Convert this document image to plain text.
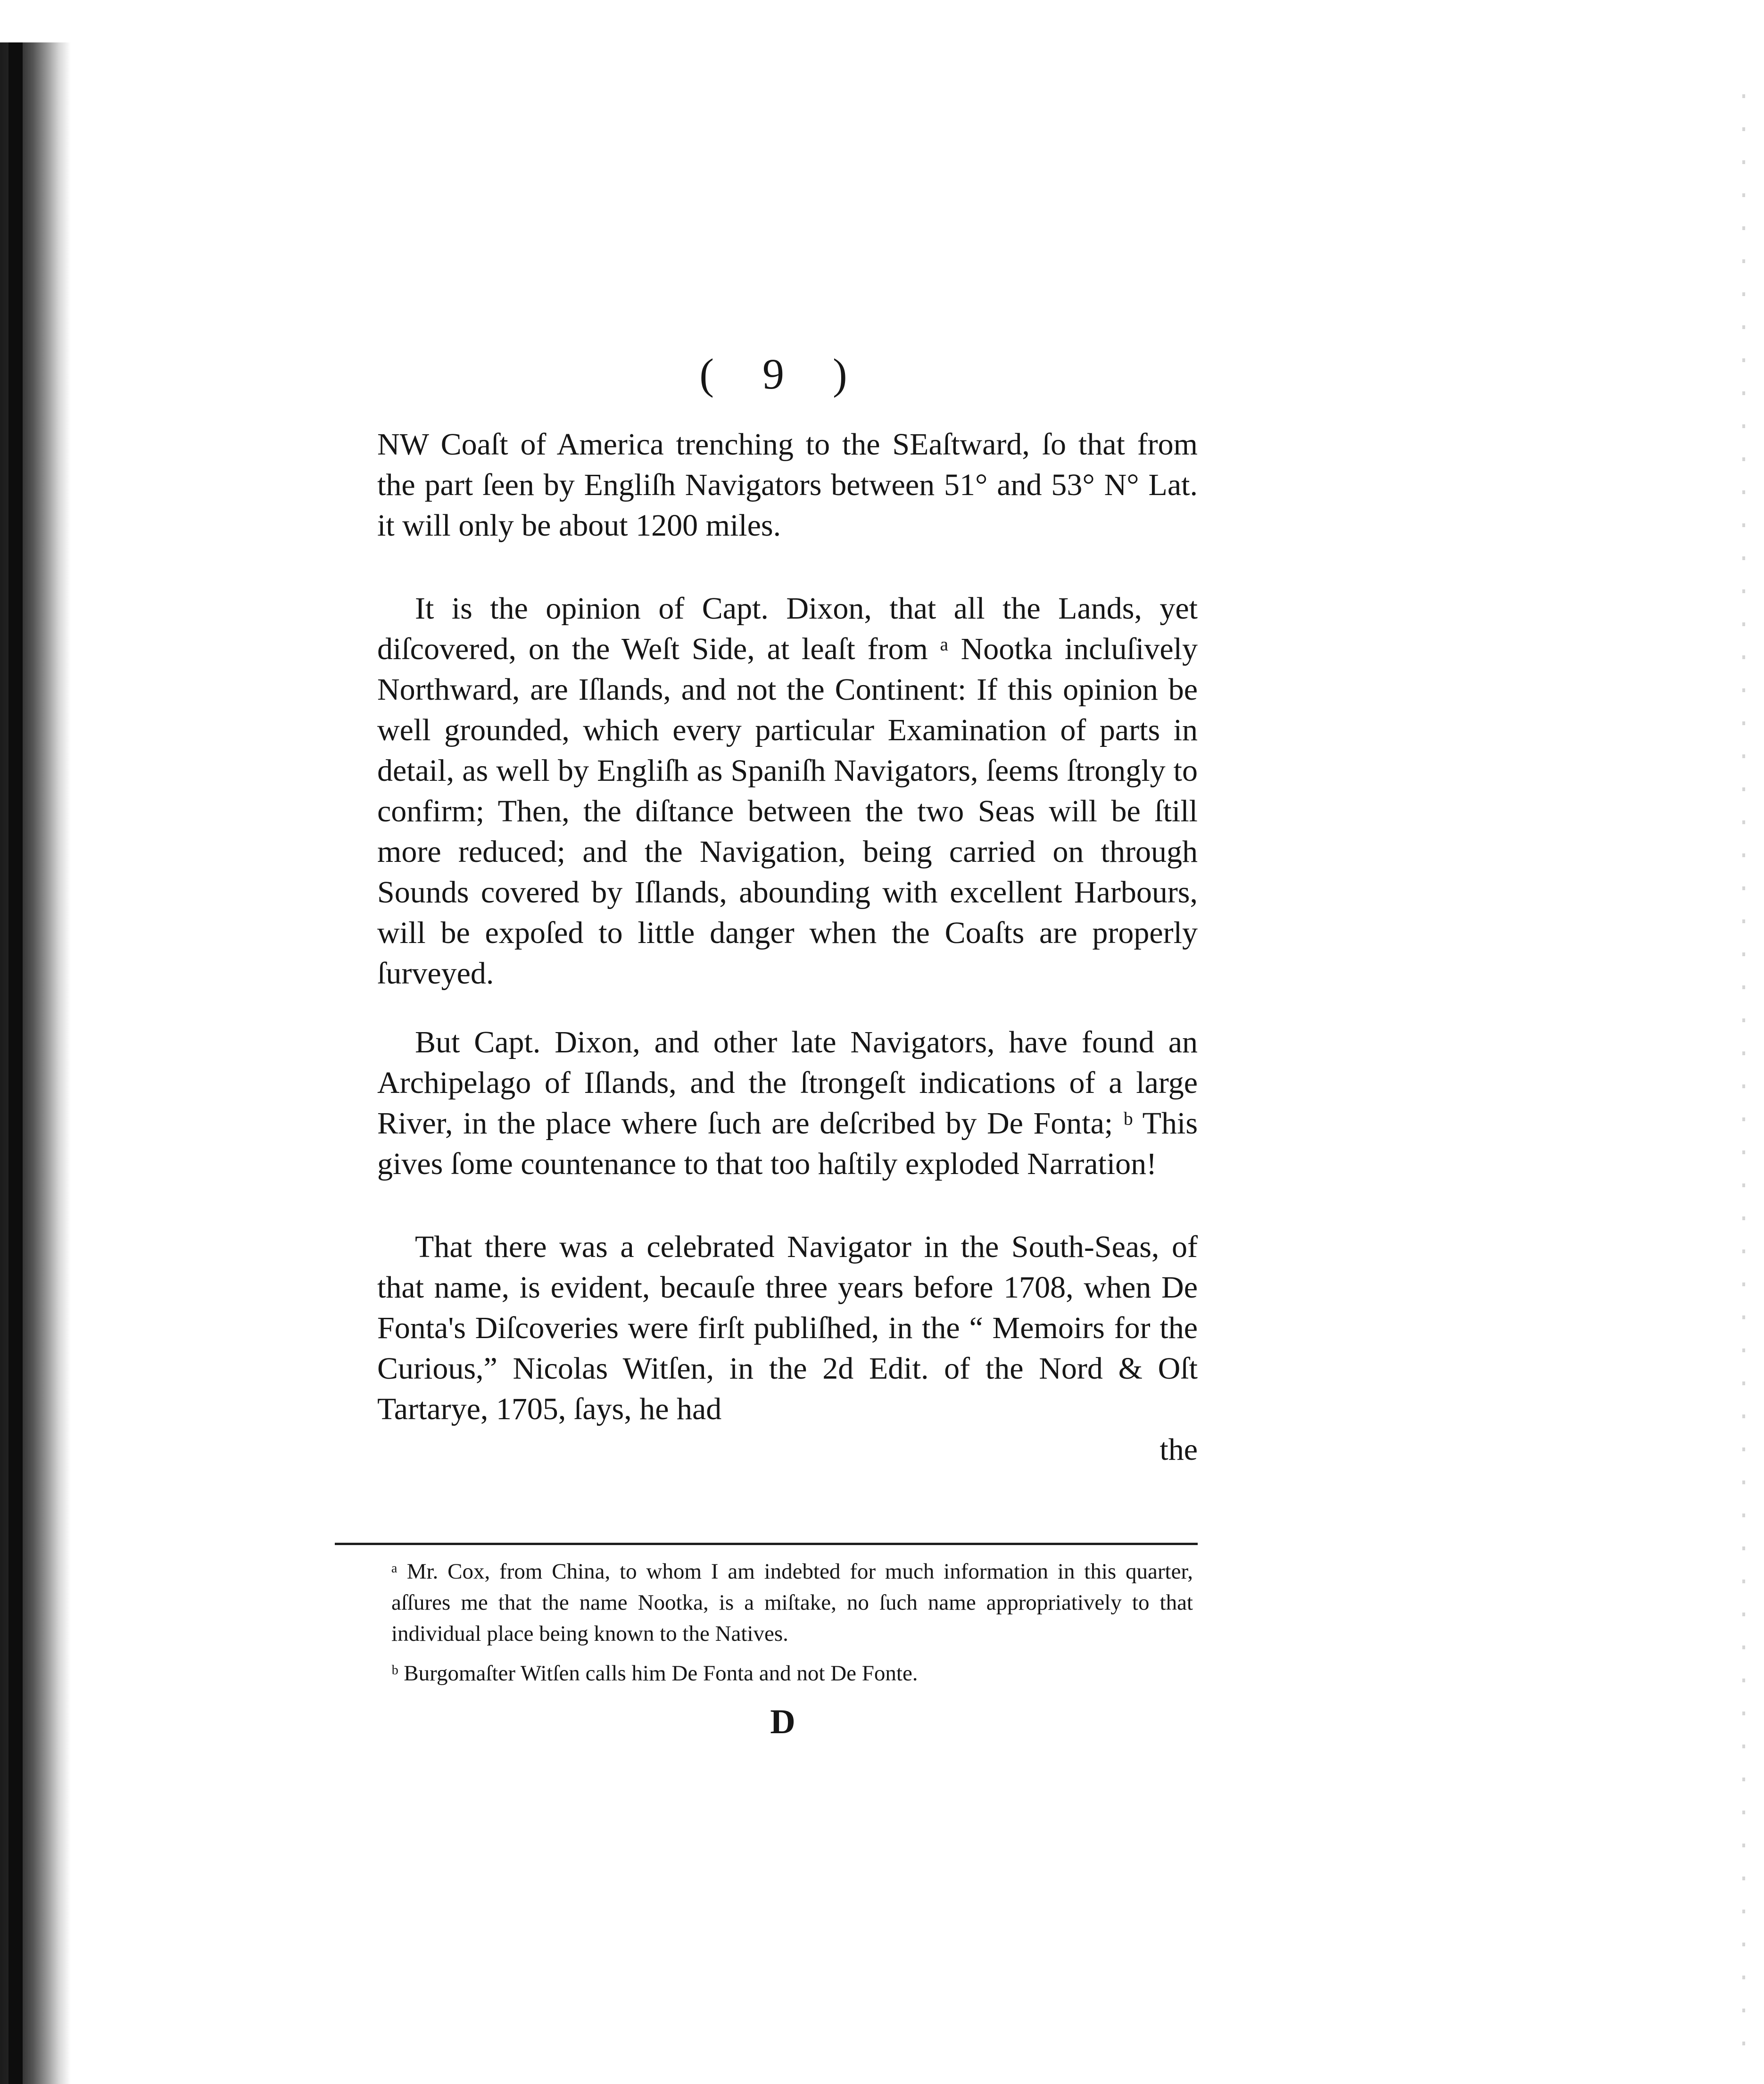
( 9 )

NW Coaſt of America trenching to the SEaſtward, ſo that from the part ſeen by Engliſh Navigators between 51° and 53° N° Lat. it will only be about 1200 miles.

It is the opinion of Capt. Dixon, that all the Lands, yet diſcovered, on the Weſt Side, at leaſt from ᵃ Nootka incluſively Northward, are Iſlands, and not the Continent: If this opinion be well grounded, which every particular Examination of parts in detail, as well by Engliſh as Spaniſh Navigators, ſeems ſtrongly to confirm; Then, the diſtance between the two Seas will be ſtill more reduced; and the Navigation, being carried on through Sounds covered by Iſlands, abounding with excellent Harbours, will be expoſed to little danger when the Coaſts are properly ſurveyed.

But Capt. Dixon, and other late Navigators, have found an Archipelago of Iſlands, and the ſtrongeſt indications of a large River, in the place where ſuch are deſcribed by De Fonta; ᵇ This gives ſome countenance to that too haſtily exploded Narration!

That there was a celebrated Navigator in the South-Seas, of that name, is evident, becauſe three years before 1708, when De Fonta's Diſcoveries were firſt publiſhed, in the “ Memoirs for the Curious,” Nicolas Witſen, in the 2d Edit. of the Nord & Oſt Tartarye, 1705, ſays, he had

the

ᵃ Mr. Cox, from China, to whom I am indebted for much information in this quarter, aſſures me that the name Nootka, is a miſtake, no ſuch name appropriatively to that individual place being known to the Natives.

ᵇ Burgomaſter Witſen calls him De Fonta and not De Fonte.

D
